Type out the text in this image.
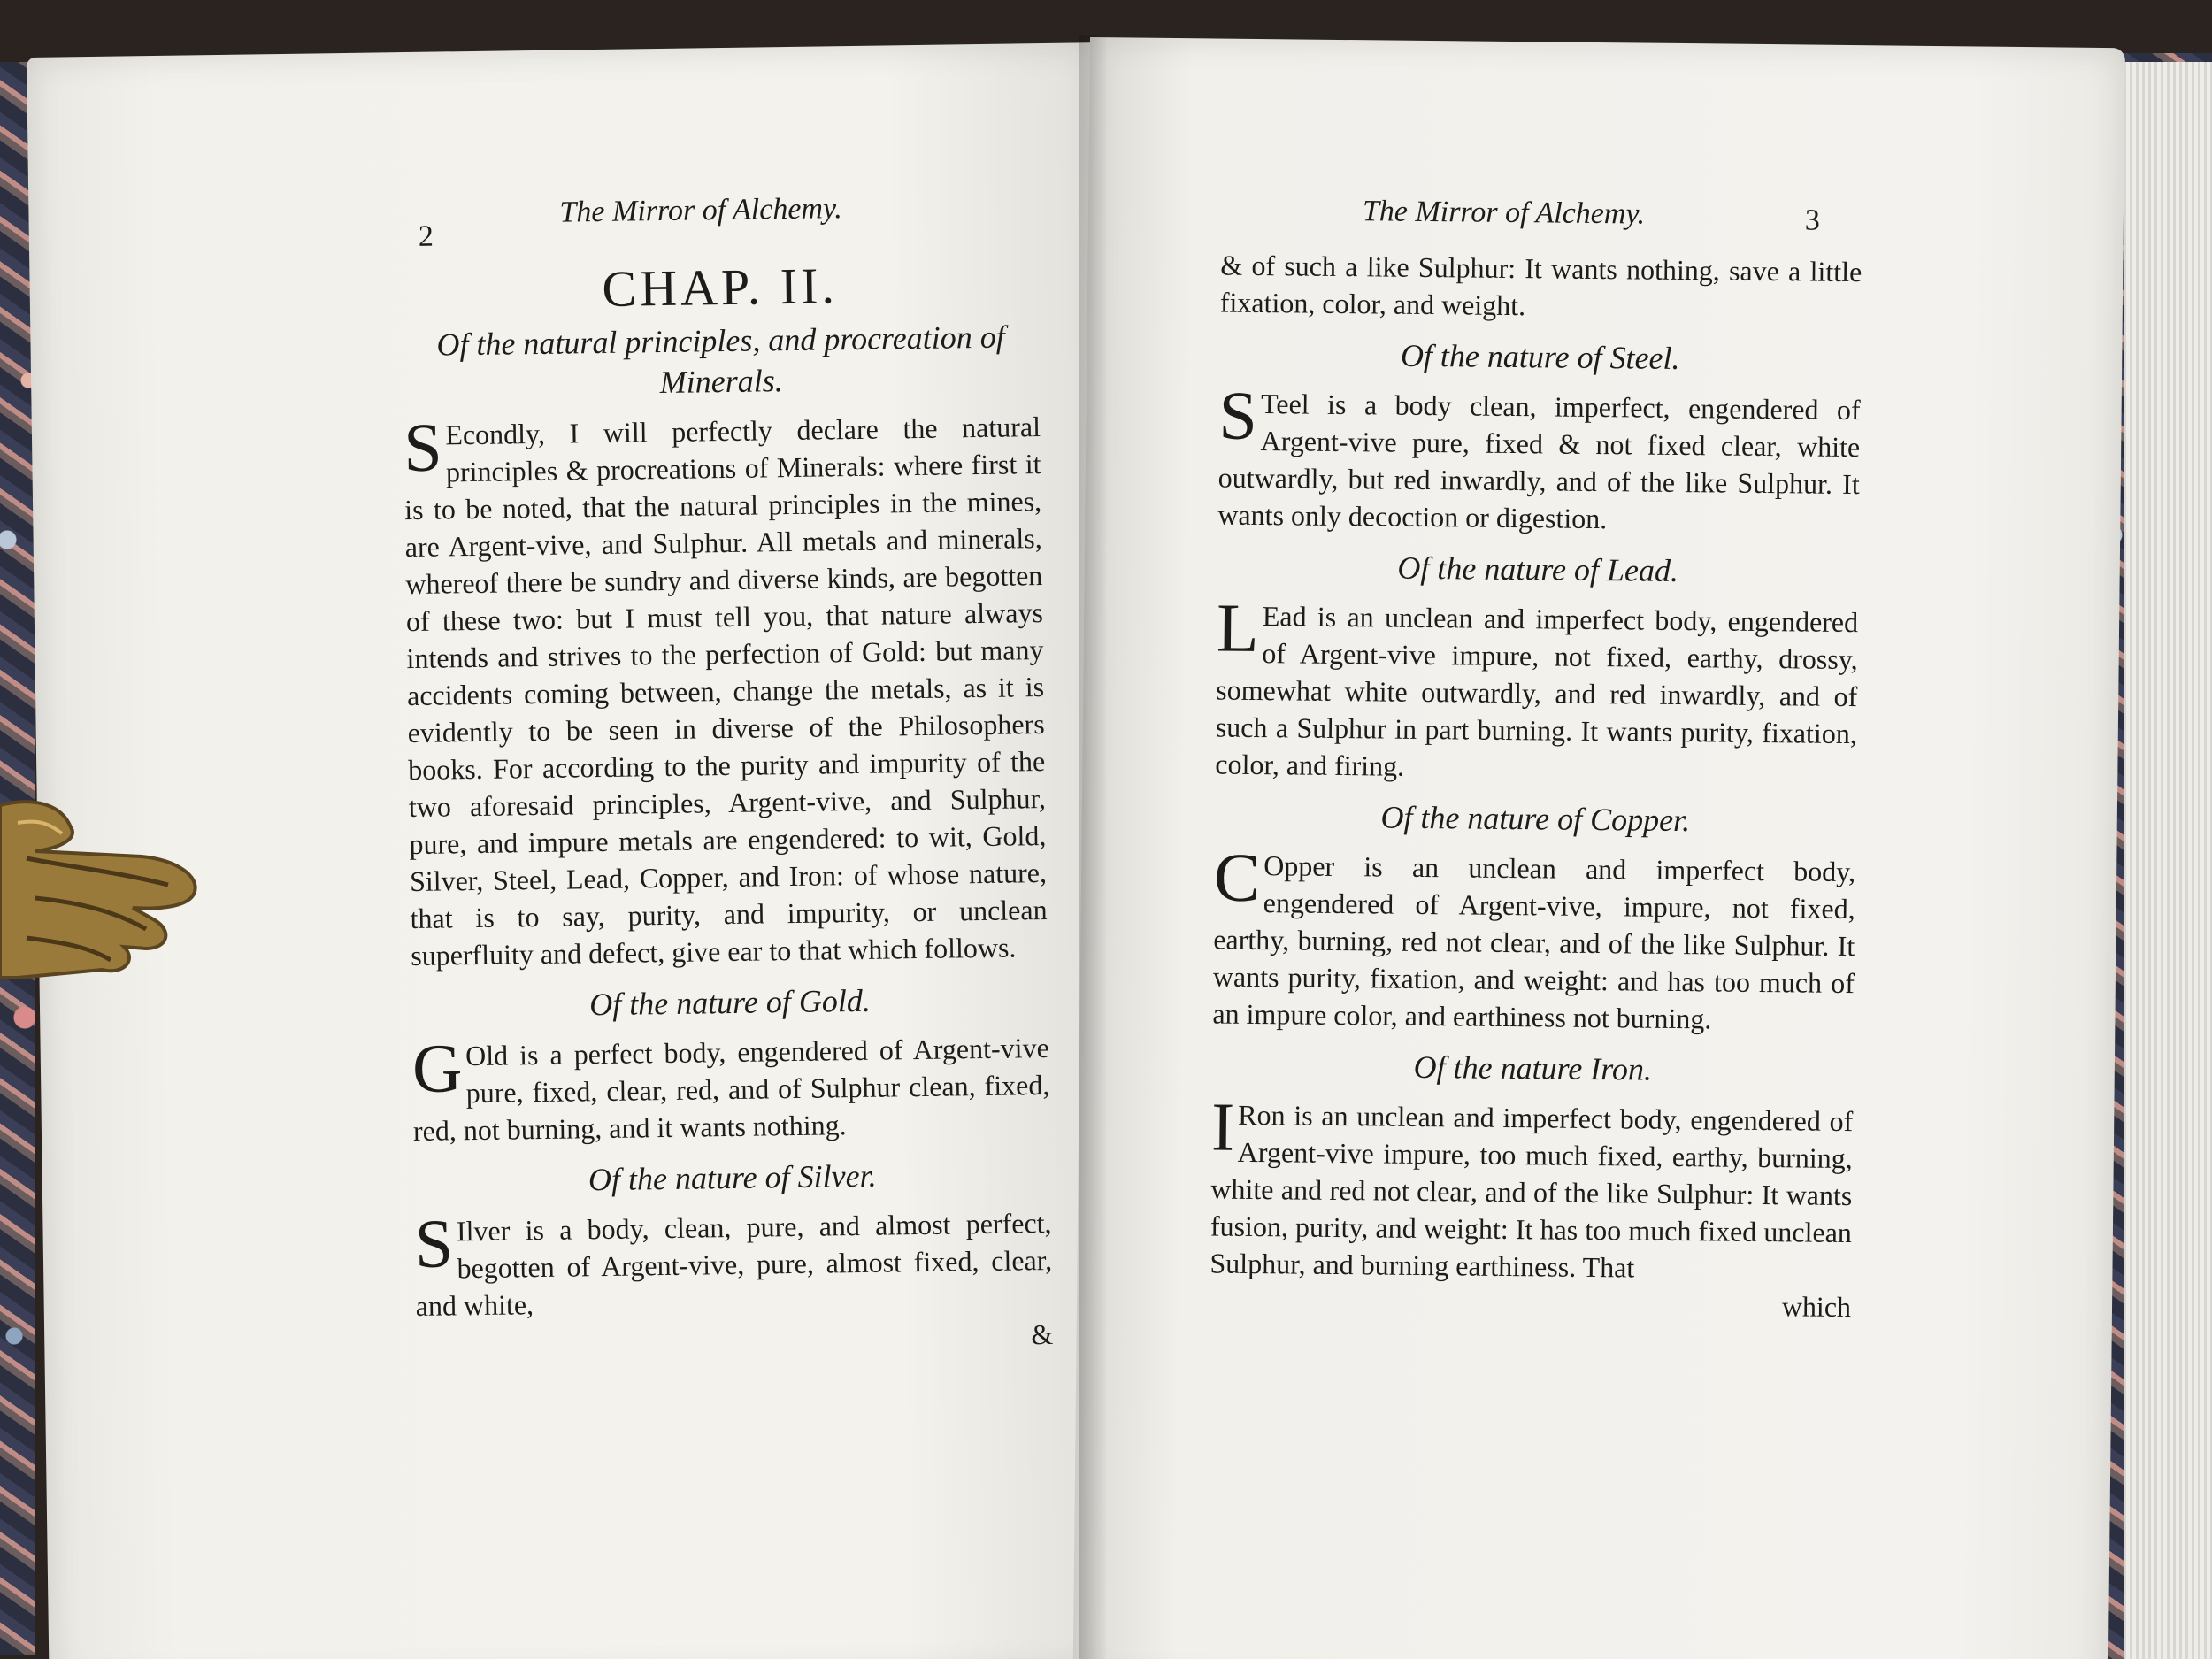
2
The Mirror of Alchemy.
CHAP. II.
Of the natural principles, and procreation of Minerals.

S Econdly, I will perfectly declare the natural principles & procreations of Minerals: where first it is to be noted, that the natural principles in the mines, are Argent-vive, and Sulphur. All metals and minerals, whereof there be sundry and diverse kinds, are begotten of these two: but I must tell you, that nature always intends and strives to the perfection of Gold: but many accidents coming between, change the metals, as it is evidently to be seen in diverse of the Philosophers books. For according to the purity and impurity of the two aforesaid principles, Argent-vive, and Sulphur, pure, and impure metals are engendered: to wit, Gold, Silver, Steel, Lead, Copper, and Iron: of whose nature, that is to say, purity, and impurity, or unclean superfluity and defect, give ear to that which follows.

Of the nature of Gold.

G Old is a perfect body, engendered of Argent-vive pure, fixed, clear, red, and of Sulphur clean, fixed, red, not burning, and it wants nothing.

Of the nature of Silver.

S Ilver is a body, clean, pure, and almost perfect, begotten of Argent-vive, pure, almost fixed, clear, and white,

&
The Mirror of Alchemy.	3

& of such a like Sulphur: It wants nothing, save a little fixation, color, and weight.

Of the nature of Steel.

S Teel is a body clean, imperfect, engendered of Argent-vive pure, fixed & not fixed clear, white outwardly, but red inwardly, and of the like Sulphur. It wants only decoction or digestion.

Of the nature of Lead.

L Ead is an unclean and imperfect body, engendered of Argent-vive impure, not fixed, earthy, drossy, somewhat white outwardly, and red inwardly, and of such a Sulphur in part burning. It wants purity, fixation, color, and firing.

Of the nature of Copper.

C Opper is an unclean and imperfect body, engendered of Argent-vive, impure, not fixed, earthy, burning, red not clear, and of the like Sulphur. It wants purity, fixation, and weight: and has too much of an impure color, and earthiness not burning.

Of the nature Iron.

I Ron is an unclean and imperfect body, engendered of Argent-vive impure, too much fixed, earthy, burning, white and red not clear, and of the like Sulphur: It wants fusion, purity, and weight: It has too much fixed unclean Sulphur, and burning earthiness. That

which
